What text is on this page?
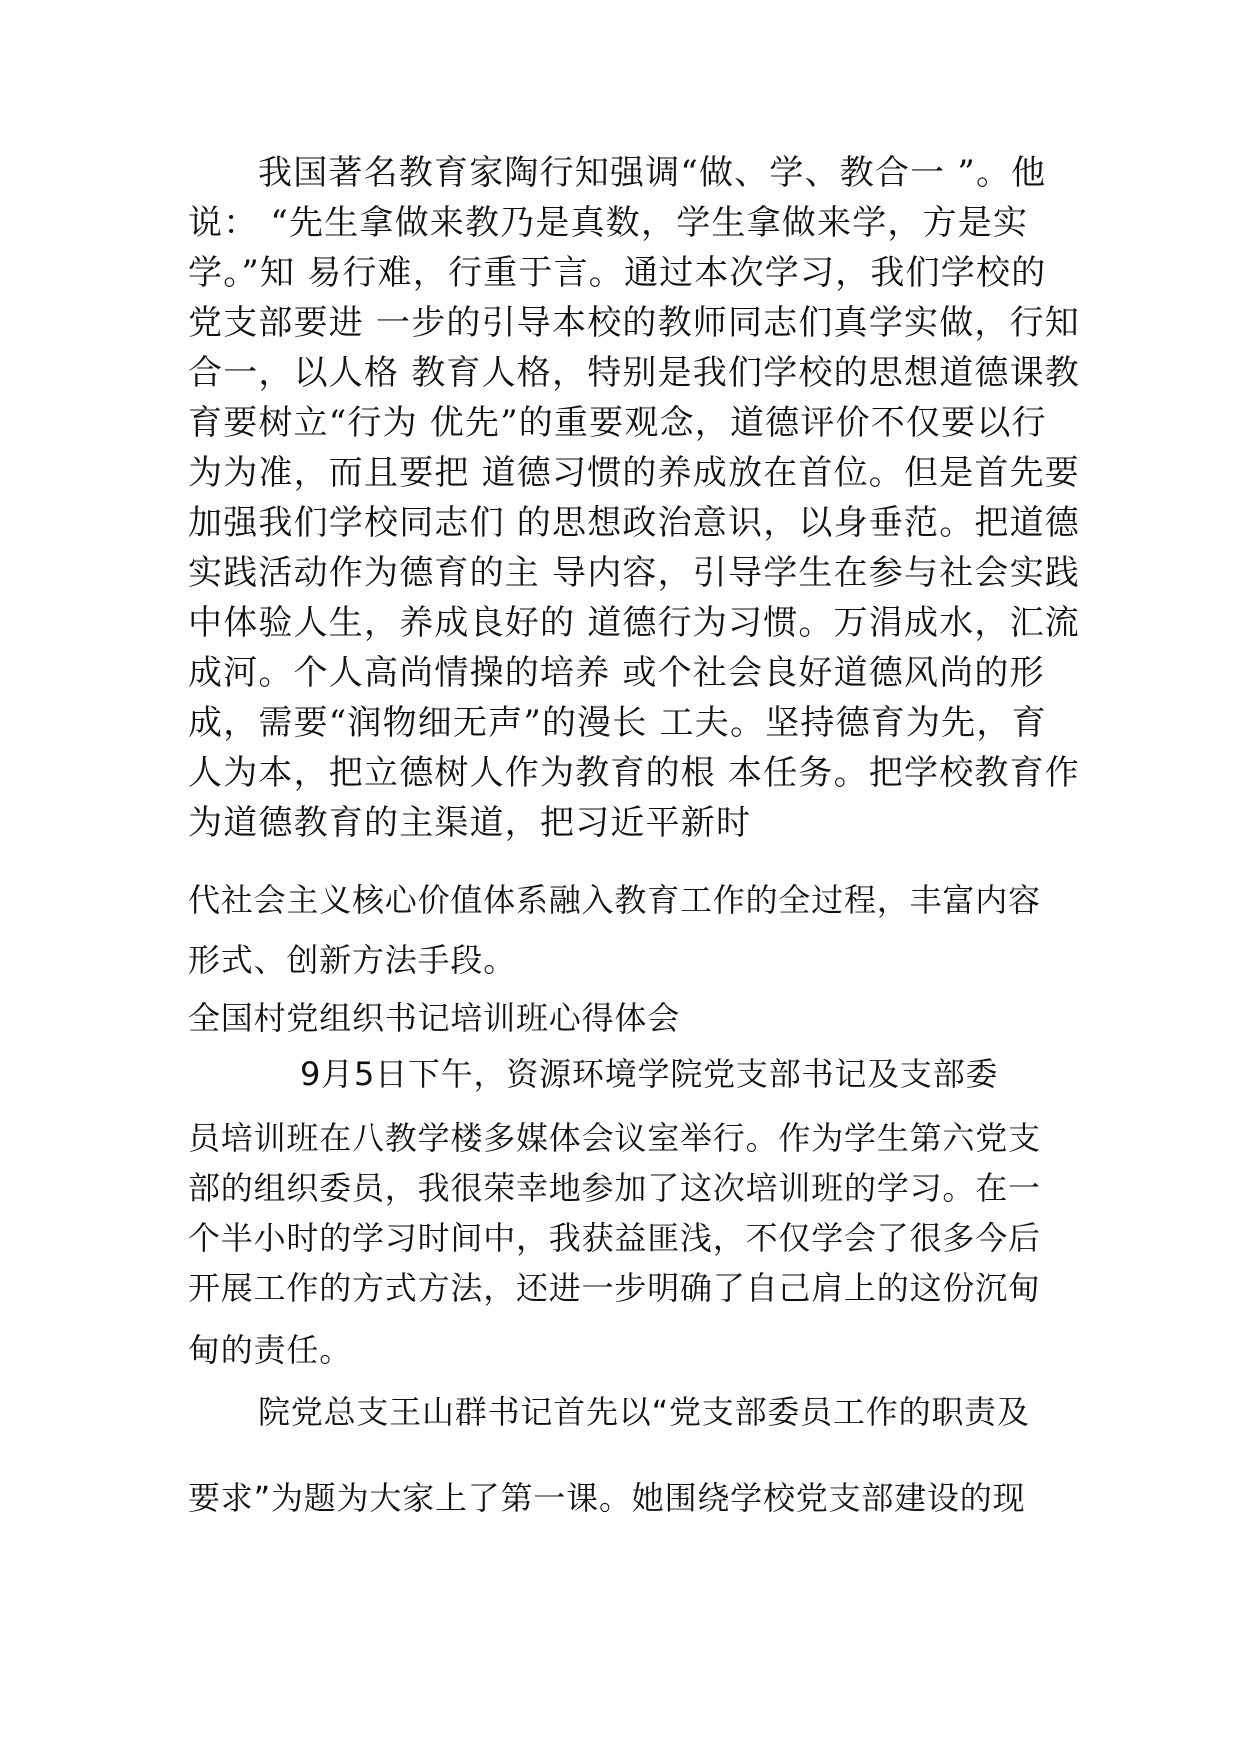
我国著名教育家陶行知强调“做、学、教合一 ”。他
说： “先生拿做来教乃是真数，学生拿做来学，方是实
学。”知 易行难，行重于言。通过本次学习，我们学校的
党支部要进 一步的引导本校的教师同志们真学实做，行知
合一，以人格 教育人格，特别是我们学校的思想道德课教
育要树立“行为 优先”的重要观念，道德评价不仅要以行
为为准，而且要把 道德习惯的养成放在首位。但是首先要
加强我们学校同志们 的思想政治意识，以身垂范。把道德
实践活动作为德育的主 导内容，引导学生在参与社会实践
中体验人生，养成良好的 道德行为习惯。万涓成水，汇流
成河。个人高尚情操的培养 或个社会良好道德风尚的形
成，需要“润物细无声”的漫长 工夫。坚持德育为先，育
人为本，把立德树人作为教育的根 本任务。把学校教育作
为道德教育的主渠道，把习近平新时
代社会主义核心价值体系融入教育工作的全过程，丰富内容
形式、创新方法手段。
全国村党组织书记培训班心得体会
9月5日下午，资源环境学院党支部书记及支部委
员培训班在八教学楼多媒体会议室举行。作为学生第六党支
部的组织委员，我很荣幸地参加了这次培训班的学习。在一
个半小时的学习时间中，我获益匪浅，不仅学会了很多今后
开展工作的方式方法，还进一步明确了自己肩上的这份沉甸
甸的责任。
院党总支王山群书记首先以“党支部委员工作的职责及
要求”为题为大家上了第一课。她围绕学校党支部建设的现
